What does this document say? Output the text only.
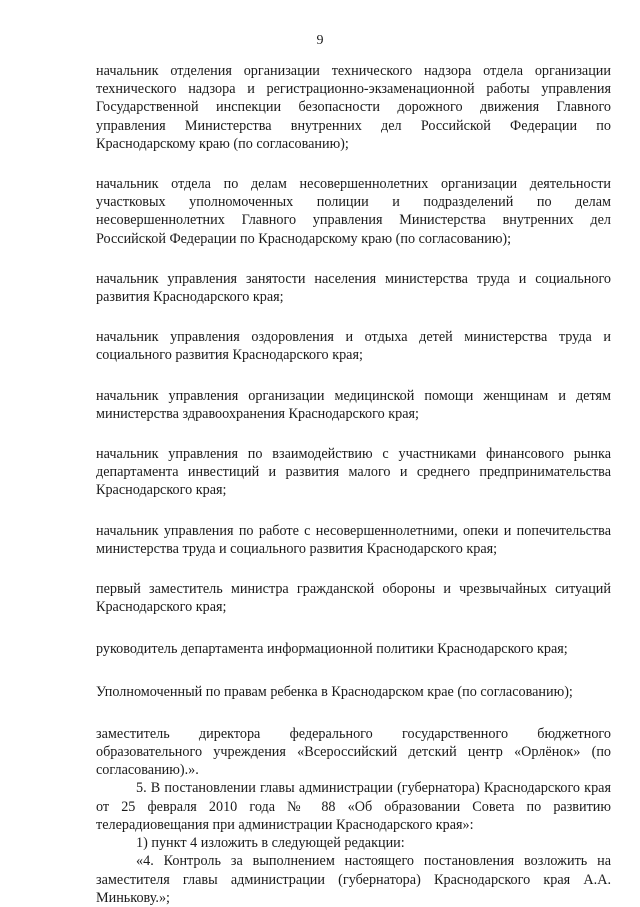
9

начальник отделения организации технического надзора отдела организации технического надзора и регистрационно-экзаменационной работы управления Государственной инспекции безопасности дорожного движения Главного управления Министерства внутренних дел Российской Федерации по Краснодарскому краю (по согласованию);

начальник отдела по делам несовершеннолетних организации деятельности участковых уполномоченных полиции и подразделений по делам несовершеннолетних Главного управления Министерства внутренних дел Российской Федерации по Краснодарскому краю (по согласованию);

начальник управления занятости населения министерства труда и социального развития Краснодарского края;

начальник управления оздоровления и отдыха детей министерства труда и социального развития Краснодарского края;

начальник управления организации медицинской помощи женщинам и детям министерства здравоохранения Краснодарского края;

начальник управления по взаимодействию с участниками финансового рынка департамента инвестиций и развития малого и среднего предпринимательства Краснодарского края;

начальник управления по работе с несовершеннолетними, опеки и попечительства министерства труда и социального развития Краснодарского края;

первый заместитель министра гражданской обороны и чрезвычайных ситуаций Краснодарского края;

руководитель департамента информационной политики Краснодарского края;

Уполномоченный по правам ребенка в Краснодарском крае (по согласованию);

заместитель директора федерального государственного бюджетного образовательного учреждения «Всероссийский детский центр «Орлёнок» (по согласованию).».

5. В постановлении главы администрации (губернатора) Краснодарского края от 25 февраля 2010 года № 88 «Об образовании Совета по развитию телерадиовещания при администрации Краснодарского края»:

1) пункт 4 изложить в следующей редакции:

«4. Контроль за выполнением настоящего постановления возложить на заместителя главы администрации (губернатора) Краснодарского края А.А. Минькову.»;
